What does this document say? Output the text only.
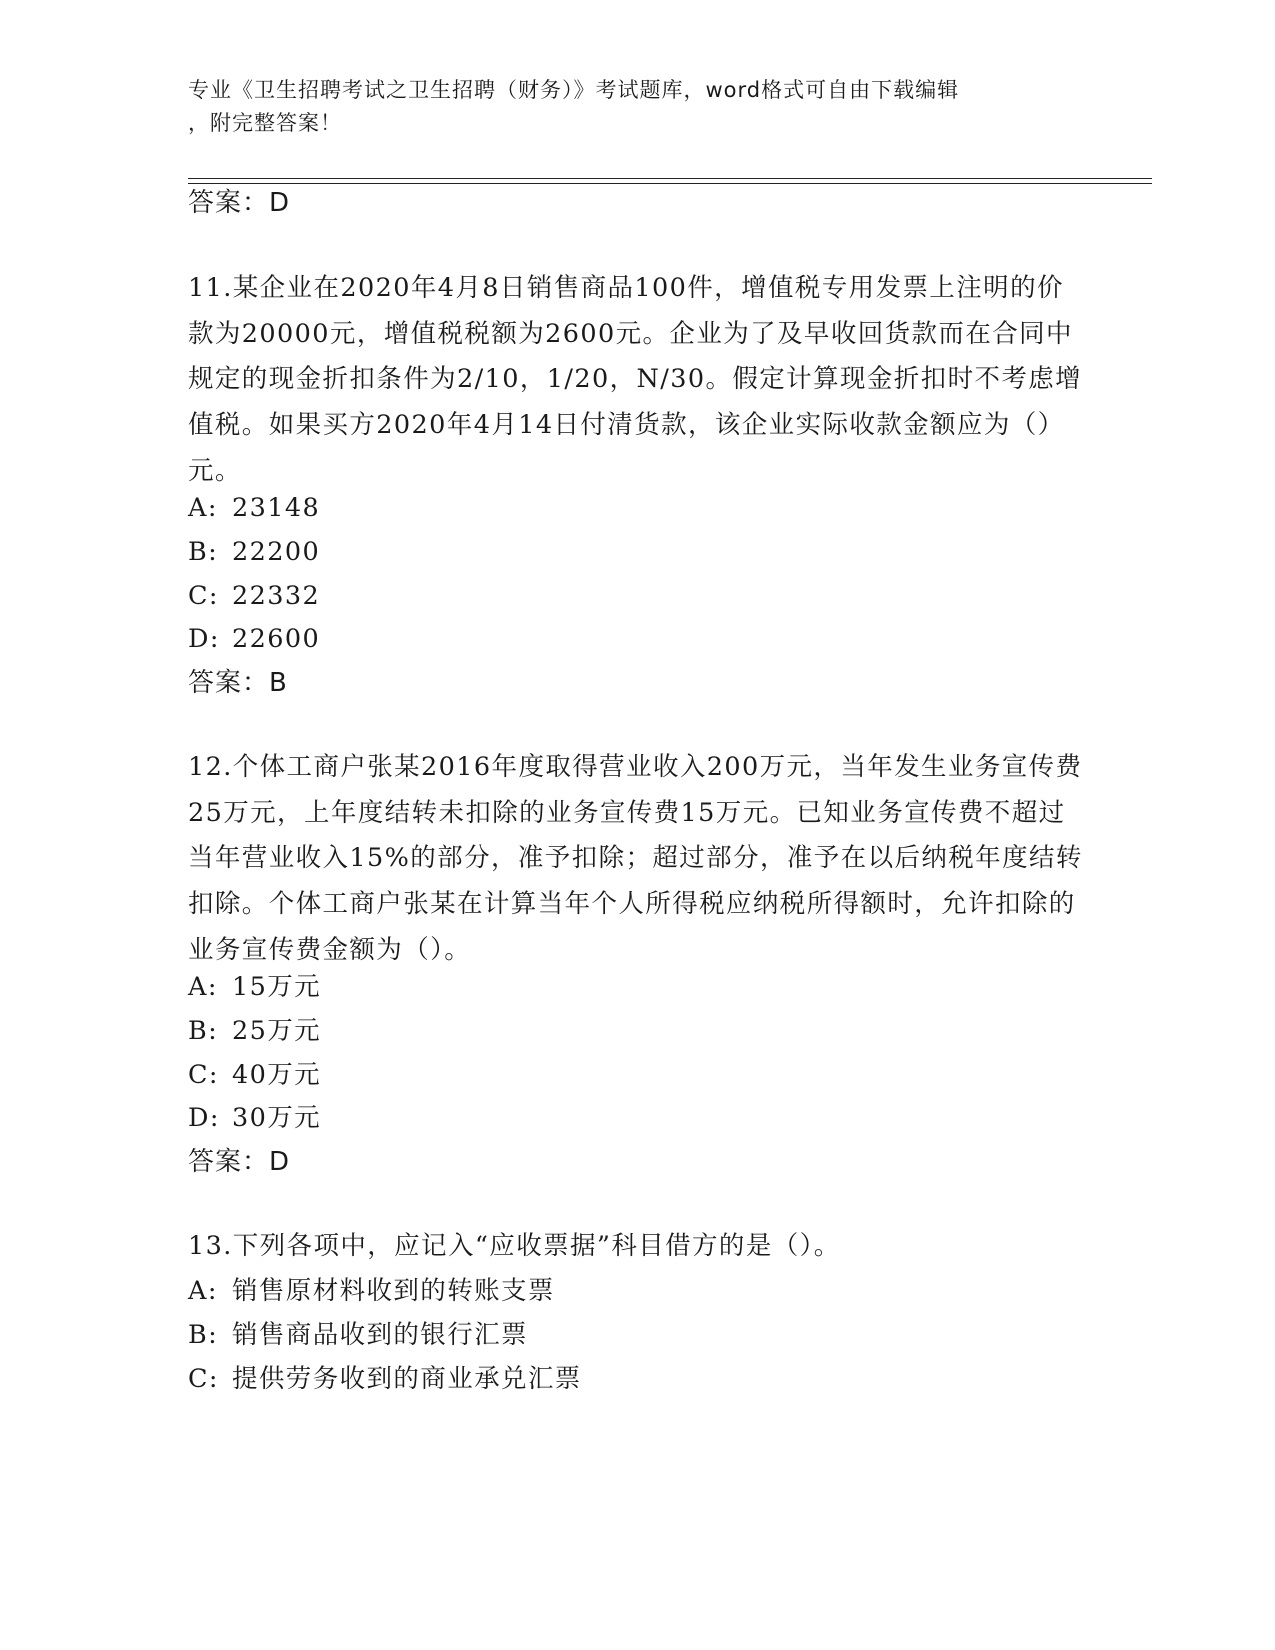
专业《卫生招聘考试之卫生招聘（财务）》考试题库，word格式可自由下载编辑
，附完整答案！
答案：D

11.某企业在2020年4月8日销售商品100件，增值税专用发票上注明的价款为20000元，增值税税额为2600元。企业为了及早收回货款而在合同中规定的现金折扣条件为2/10，1/20，N/30。假定计算现金折扣时不考虑增值税。如果买方2020年4月14日付清货款，该企业实际收款金额应为（）元。

A: 23148
B: 22200
C: 22332
D: 22600
答案：B

12.个体工商户张某2016年度取得营业收入200万元，当年发生业务宣传费25万元，上年度结转未扣除的业务宣传费15万元。已知业务宣传费不超过当年营业收入15%的部分，准予扣除；超过部分，准予在以后纳税年度结转扣除。个体工商户张某在计算当年个人所得税应纳税所得额时，允许扣除的业务宣传费金额为（）。

A: 15万元
B: 25万元
C: 40万元
D: 30万元
答案：D

13.下列各项中，应记入“应收票据”科目借方的是（）。

A: 销售原材料收到的转账支票
B: 销售商品收到的银行汇票
C: 提供劳务收到的商业承兑汇票
